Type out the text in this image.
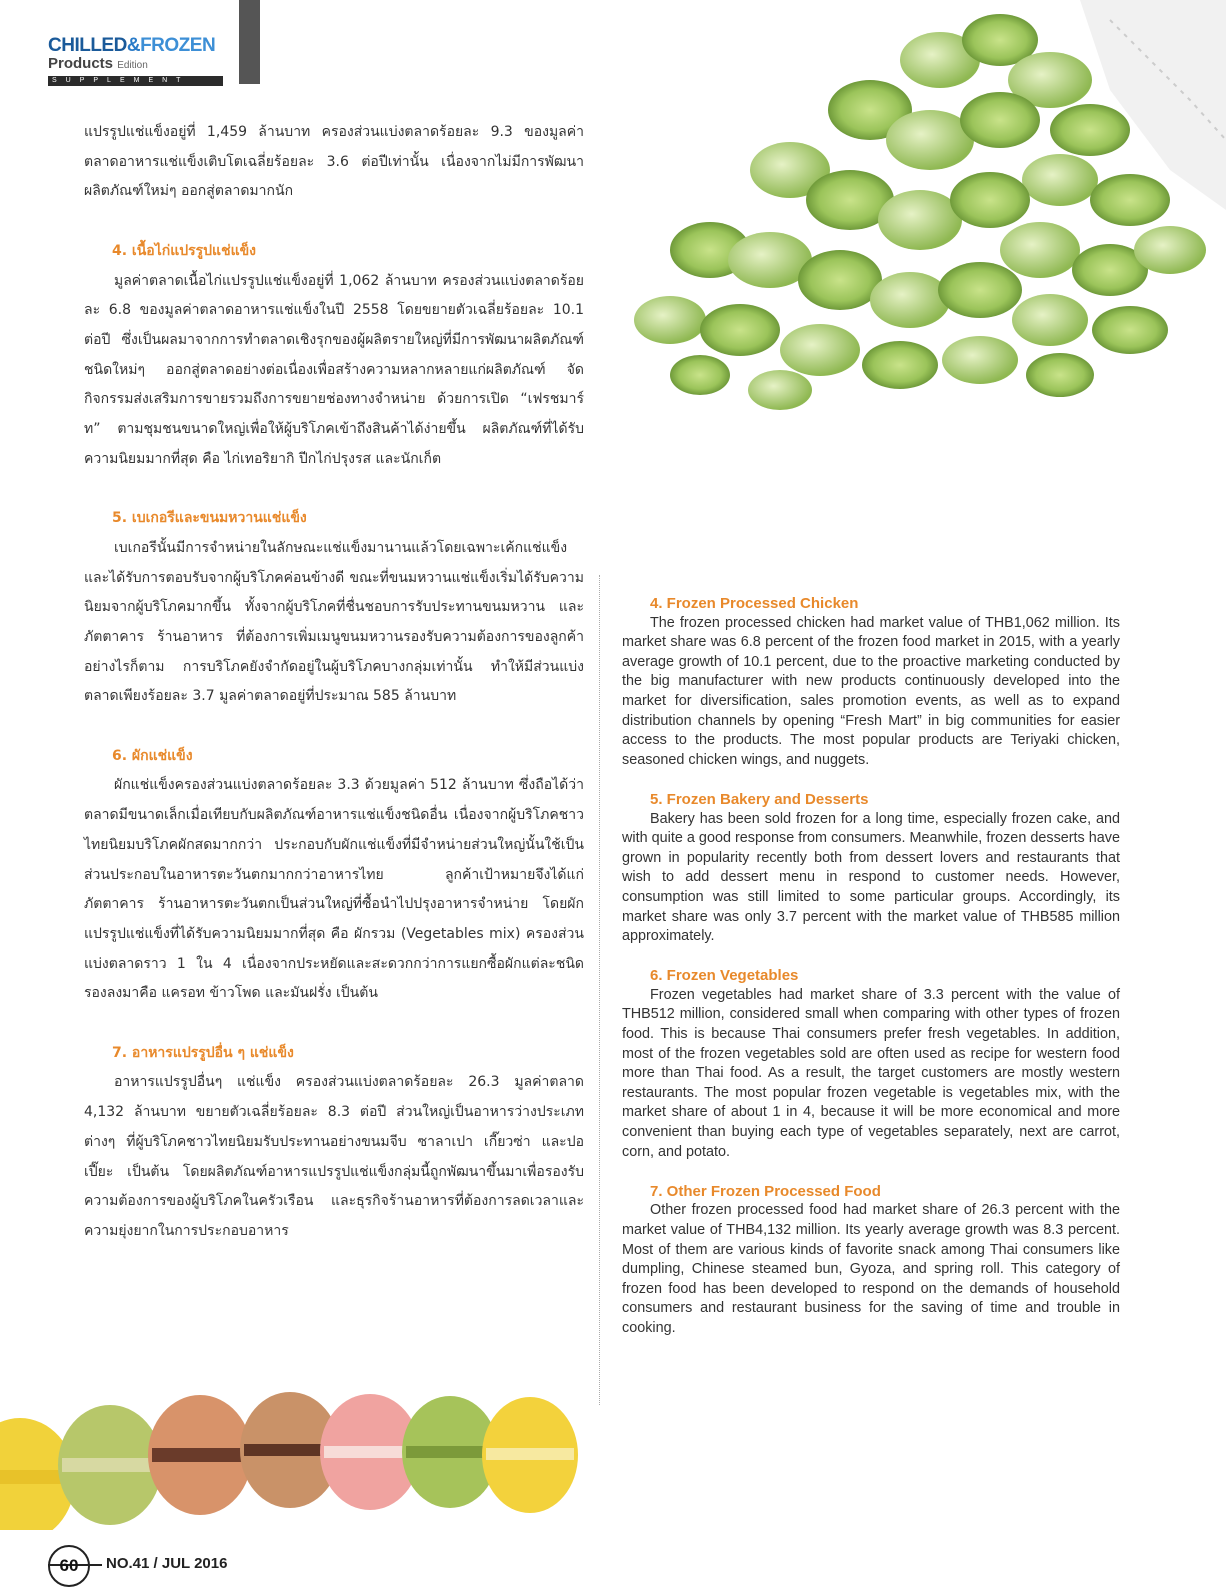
CHILLED&FROZEN
Products Edition
SUPPLEMENT

แปรรูปแช่แข็งอยู่ที่ 1,459 ล้านบาท ครองส่วนแบ่งตลาดร้อยละ 9.3 ของมูลค่าตลาดอาหารแช่แข็งเติบโตเฉลี่ยร้อยละ 3.6 ต่อปีเท่านั้น เนื่องจากไม่มีการพัฒนาผลิตภัณฑ์ใหม่ๆ ออกสู่ตลาดมากนัก

4. เนื้อไก่แปรรูปแช่แข็ง

มูลค่าตลาดเนื้อไก่แปรรูปแช่แข็งอยู่ที่ 1,062 ล้านบาท ครองส่วนแบ่งตลาดร้อยละ 6.8 ของมูลค่าตลาดอาหารแช่แข็งในปี 2558 โดยขยายตัวเฉลี่ยร้อยละ 10.1 ต่อปี ซึ่งเป็นผลมาจากการทำตลาดเชิงรุกของผู้ผลิตรายใหญ่ที่มีการพัฒนาผลิตภัณฑ์ชนิดใหม่ๆ ออกสู่ตลาดอย่างต่อเนื่องเพื่อสร้างความหลากหลายแก่ผลิตภัณฑ์ จัดกิจกรรมส่งเสริมการขายรวมถึงการขยายช่องทางจำหน่าย ด้วยการเปิด “เฟรชมาร์ท” ตามชุมชนขนาดใหญ่เพื่อให้ผู้บริโภคเข้าถึงสินค้าได้ง่ายขึ้น ผลิตภัณฑ์ที่ได้รับความนิยมมากที่สุด คือ ไก่เทอริยากิ ปีกไก่ปรุงรส และนักเก็ต

5. เบเกอรีและขนมหวานแช่แข็ง

เบเกอรีนั้นมีการจำหน่ายในลักษณะแช่แข็งมานานแล้วโดยเฉพาะเค้กแช่แข็ง และได้รับการตอบรับจากผู้บริโภคค่อนข้างดี ขณะที่ขนมหวานแช่แข็งเริ่มได้รับความนิยมจากผู้บริโภคมากขึ้น ทั้งจากผู้บริโภคที่ชื่นชอบการรับประทานขนมหวาน และภัตตาคาร ร้านอาหาร ที่ต้องการเพิ่มเมนูขนมหวานรองรับความต้องการของลูกค้า อย่างไรก็ตาม การบริโภคยังจำกัดอยู่ในผู้บริโภคบางกลุ่มเท่านั้น ทำให้มีส่วนแบ่งตลาดเพียงร้อยละ 3.7 มูลค่าตลาดอยู่ที่ประมาณ 585 ล้านบาท

6. ผักแช่แข็ง

ผักแช่แข็งครองส่วนแบ่งตลาดร้อยละ 3.3 ด้วยมูลค่า 512 ล้านบาท ซึ่งถือได้ว่าตลาดมีขนาดเล็กเมื่อเทียบกับผลิตภัณฑ์อาหารแช่แข็งชนิดอื่น เนื่องจากผู้บริโภคชาวไทยนิยมบริโภคผักสดมากกว่า ประกอบกับผักแช่แข็งที่มีจำหน่ายส่วนใหญ่นั้นใช้เป็นส่วนประกอบในอาหารตะวันตกมากกว่าอาหารไทย ลูกค้าเป้าหมายจึงได้แก่ ภัตตาคาร ร้านอาหารตะวันตกเป็นส่วนใหญ่ที่ซื้อนำไปปรุงอาหารจำหน่าย โดยผักแปรรูปแช่แข็งที่ได้รับความนิยมมากที่สุด คือ ผักรวม (Vegetables mix) ครองส่วนแบ่งตลาดราว 1 ใน 4 เนื่องจากประหยัดและสะดวกกว่าการแยกซื้อผักแต่ละชนิด รองลงมาคือ แครอท ข้าวโพด และมันฝรั่ง เป็นต้น

7. อาหารแปรรูปอื่น ๆ แช่แข็ง

อาหารแปรรูปอื่นๆ แช่แข็ง ครองส่วนแบ่งตลาดร้อยละ 26.3 มูลค่าตลาด 4,132 ล้านบาท ขยายตัวเฉลี่ยร้อยละ 8.3 ต่อปี ส่วนใหญ่เป็นอาหารว่างประเภทต่างๆ ที่ผู้บริโภคชาวไทยนิยมรับประทานอย่างขนมจีบ ซาลาเปา เกี๊ยวซ่า และปอเปี๊ยะ เป็นต้น โดยผลิตภัณฑ์อาหารแปรรูปแช่แข็งกลุ่มนี้ถูกพัฒนาขึ้นมาเพื่อรองรับความต้องการของผู้บริโภคในครัวเรือน และธุรกิจร้านอาหารที่ต้องการลดเวลาและความยุ่งยากในการประกอบอาหาร

4. Frozen Processed Chicken

The frozen processed chicken had market value of THB1,062 million. Its market share was 6.8 percent of the frozen food market in 2015, with a yearly average growth of 10.1 percent, due to the proactive marketing conducted by the big manufacturer with new products continuously developed into the market for diversification, sales promotion events, as well as to expand distribution channels by opening “Fresh Mart” in big communities for easier access to the products. The most popular products are Teriyaki chicken, seasoned chicken wings, and nuggets.

5. Frozen Bakery and Desserts

Bakery has been sold frozen for a long time, especially frozen cake, and with quite a good response from consumers. Meanwhile, frozen desserts have grown in popularity recently both from dessert lovers and restaurants that wish to add dessert menu in respond to customer needs. However, consumption was still limited to some particular groups. Accordingly, its market share was only 3.7 percent with the market value of THB585 million approximately.

6. Frozen Vegetables

Frozen vegetables had market share of 3.3 percent with the value of THB512 million, considered small when comparing with other types of frozen food. This is because Thai consumers prefer fresh vegetables. In addition, most of the frozen vegetables sold are often used as recipe for western food more than Thai food. As a result, the target customers are mostly western restaurants. The most popular frozen vegetable is vegetables mix, with the market share of about 1 in 4, because it will be more economical and more convenient than buying each type of vegetables separately, next are carrot, corn, and potato.

7. Other Frozen Processed Food

Other frozen processed food had market share of 26.3 percent with the market value of THB4,132 million. Its yearly average growth was 8.3 percent. Most of them are various kinds of favorite snack among Thai consumers like dumpling, Chinese steamed bun, Gyoza, and spring roll. This category of frozen food has been developed to respond on the demands of household consumers and restaurant business for the saving of time and trouble in cooking.

60	NO.41 / JUL 2016
